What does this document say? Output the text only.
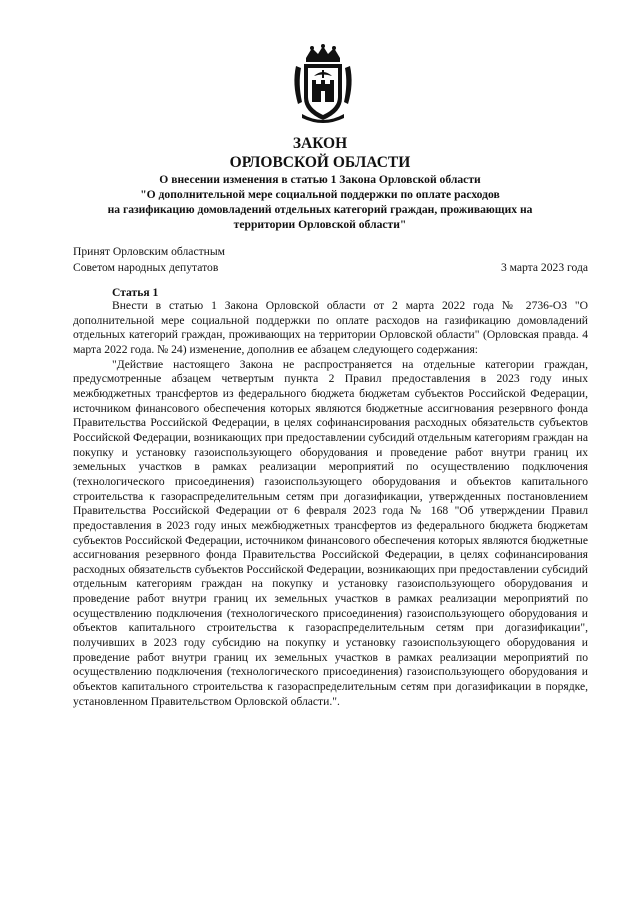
ЗАКОН
ОРЛОВСКОЙ ОБЛАСТИ
О внесении изменения в статью 1 Закона Орловской области
"О дополнительной мере социальной поддержки по оплате расходов
на газификацию домовладений отдельных категорий граждан, проживающих на
территории Орловской области"
Принят Орловским областным
Советом народных депутатов	3 марта 2023 года
Статья 1

Внести в статью 1 Закона Орловской области от 2 марта 2022 года № 2736-ОЗ "О дополнительной мере социальной поддержки по оплате расходов на газификацию домовладений отдельных категорий граждан, проживающих на территории Орловской области" (Орловская правда. 4 марта 2022 года. № 24) изменение, дополнив ее абзацем следующего содержания:

"Действие настоящего Закона не распространяется на отдельные категории граждан, предусмотренные абзацем четвертым пункта 2 Правил предоставления в 2023 году иных межбюджетных трансфертов из федерального бюджета бюджетам субъектов Российской Федерации, источником финансового обеспечения которых являются бюджетные ассигнования резервного фонда Правительства Российской Федерации, в целях софинансирования расходных обязательств субъектов Российской Федерации, возникающих при предоставлении субсидий отдельным категориям граждан на покупку и установку газоиспользующего оборудования и проведение работ внутри границ их земельных участков в рамках реализации мероприятий по осуществлению подключения (технологического присоединения) газоиспользующего оборудования и объектов капитального строительства к газораспределительным сетям при догазификации, утвержденных постановлением Правительства Российской Федерации от 6 февраля 2023 года № 168 "Об утверждении Правил предоставления в 2023 году иных межбюджетных трансфертов из федерального бюджета бюджетам субъектов Российской Федерации, источником финансового обеспечения которых являются бюджетные ассигнования резервного фонда Правительства Российской Федерации, в целях софинансирования расходных обязательств субъектов Российской Федерации, возникающих при предоставлении субсидий отдельным категориям граждан на покупку и установку газоиспользующего оборудования и проведение работ внутри границ их земельных участков в рамках реализации мероприятий по осуществлению подключения (технологического присоединения) газоиспользующего оборудования и объектов капитального строительства к газораспределительным сетям при догазификации", получивших в 2023 году субсидию на покупку и установку газоиспользующего оборудования и проведение работ внутри границ их земельных участков в рамках реализации мероприятий по осуществлению подключения (технологического присоединения) газоиспользующего оборудования и объектов капитального строительства к газораспределительным сетям при догазификации в порядке, установленном Правительством Орловской области.".
